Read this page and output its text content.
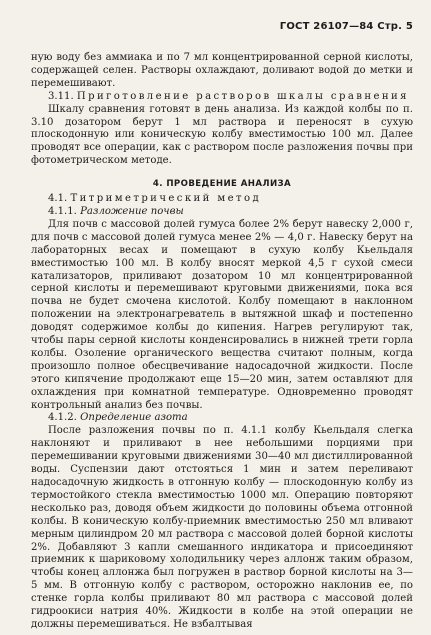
ГОСТ 26107—84 Стр. 5

ную воду без аммиака и по 7 мл концентрированной серной кислоты, содержащей селен. Растворы охлаждают, доливают водой до метки и перемешивают.

3.11. Приготовление растворов шкалы сравнения

Шкалу сравнения готовят в день анализа. Из каждой колбы по п. 3.10 дозатором берут 1 мл раствора и переносят в сухую плоскодонную или коническую колбу вместимостью 100 мл. Далее проводят все операции, как с раствором после разложения почвы при фотометрическом методе.

4. ПРОВЕДЕНИЕ АНАЛИЗА

4.1. Титриметрический метод

4.1.1. Разложение почвы

Для почв с массовой долей гумуса более 2% берут навеску 2,000 г, для почв с массовой долей гумуса менее 2% — 4,0 г. Навеску берут на лабораторных весах и помещают в сухую колбу Кьельдаля вместимостью 100 мл. В колбу вносят меркой 4,5 г сухой смеси катализаторов, приливают дозатором 10 мл концентрированной серной кислоты и перемешивают круговыми движениями, пока вся почва не будет смочена кислотой. Колбу помещают в наклонном положении на электронагреватель в вытяжной шкаф и постепенно доводят содержимое колбы до кипения. Нагрев регулируют так, чтобы пары серной кислоты конденсировались в нижней трети горла колбы. Озоление органического вещества считают полным, когда произошло полное обесцвечивание надосадочной жидкости. После этого кипячение продолжают еще 15—20 мин, затем оставляют для охлаждения при комнатной температуре. Одновременно проводят контрольный анализ без почвы.

4.1.2. Определение азота

После разложения почвы по п. 4.1.1 колбу Кьельдаля слегка наклоняют и приливают в нее небольшими порциями при перемешивании круговыми движениями 30—40 мл дистиллированной воды. Суспензии дают отстояться 1 мин и затем переливают надосадочную жидкость в отгонную колбу — плоскодонную колбу из термостойкого стекла вместимостью 1000 мл. Операцию повторяют несколько раз, доводя объем жидкости до половины объема отгонной колбы. В коническую колбу-приемник вместимостью 250 мл вливают мерным цилиндром 20 мл раствора с массовой долей борной кислоты 2%. Добавляют 3 капли смешанного индикатора и присоединяют приемник к шариковому холодильнику через аллонж таким образом, чтобы конец аллонжа был погружен в раствор борной кислоты на 3—5 мм. В отгонную колбу с раствором, осторожно наклонив ее, по стенке горла колбы приливают 80 мл раствора с массовой долей гидроокиси натрия 40%. Жидкости в колбе на этой операции не должны перемешиваться. Не взбалтывая
